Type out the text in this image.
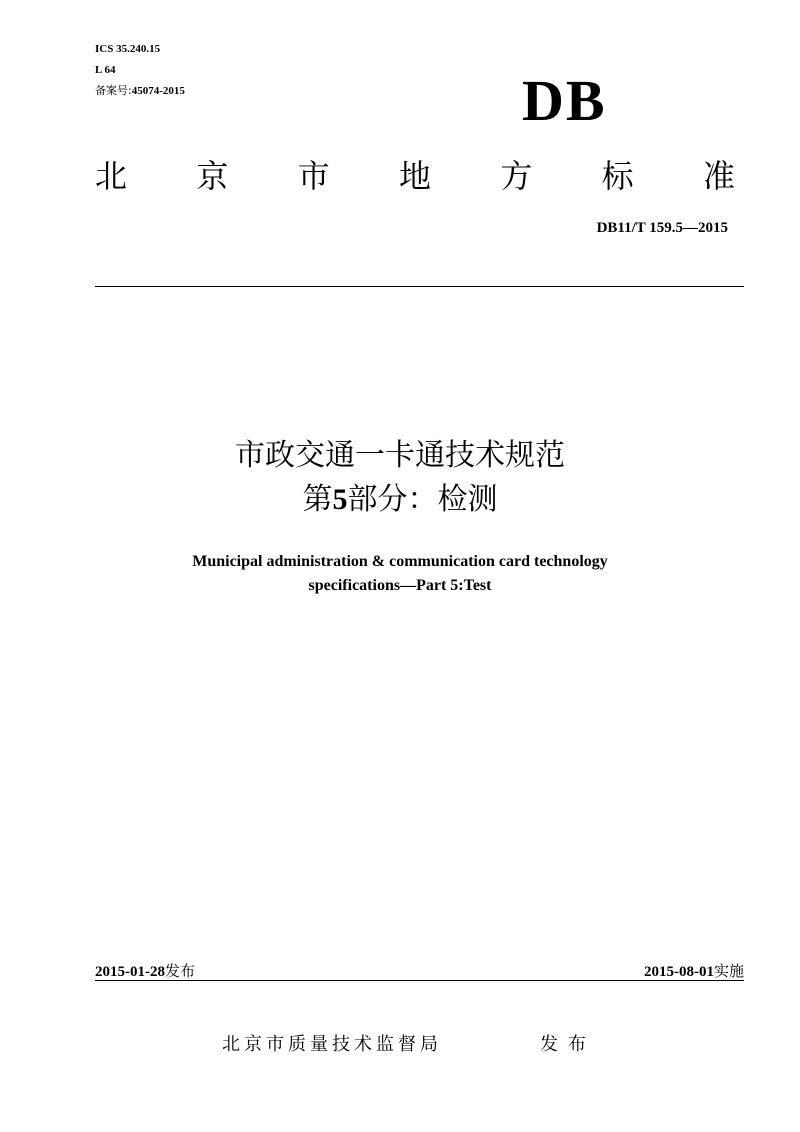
ICS 35.240.15
L 64
备案号:45074-2015	DB
北 京 市 地 方 标 准
DB11/T 159.5—2015
市政交通一卡通技术规范
第5部分：检测
Municipal administration & communication card technology
specifications—Part 5:Test
2015-01-28发布	2015-08-01实施
北京市质量技术监督局	发布
